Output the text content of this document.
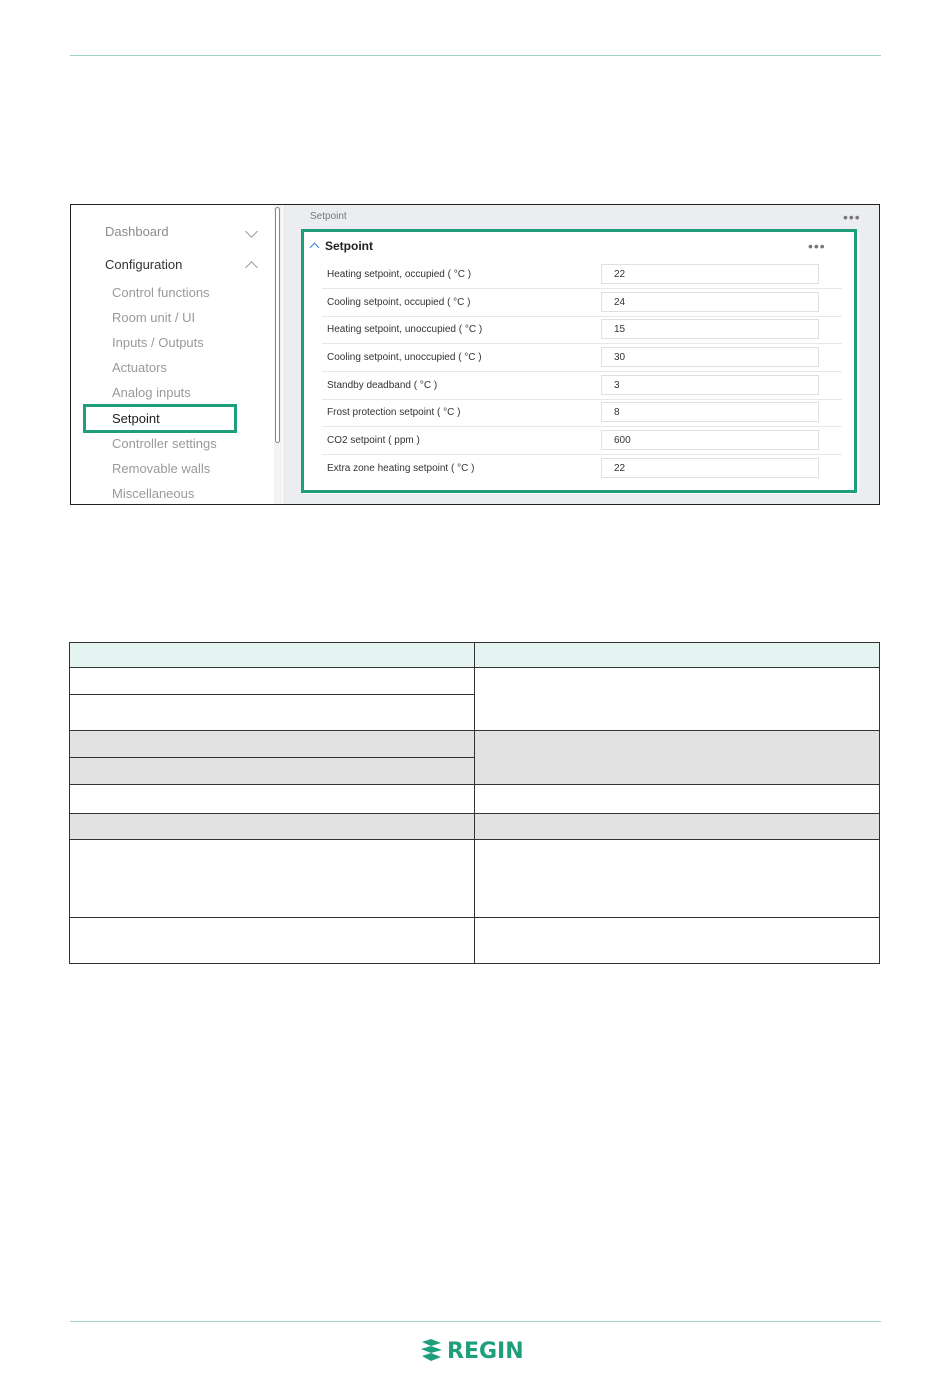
Dashboard
Configuration
Control functions
Room unit / UI
Inputs / Outputs
Actuators
Analog inputs
Setpoint
Controller settings
Removable walls
Miscellaneous
Setpoint	•••
Setpoint	•••
Heating setpoint, occupied ( °C )	22
Cooling setpoint, occupied ( °C )	24
Heating setpoint, unoccupied ( °C )	15
Cooling setpoint, unoccupied ( °C )	30
Standby deadband ( °C )	3
Frost protection setpoint ( °C )	8
CO2 setpoint ( ppm )	600
Extra zone heating setpoint ( °C )	22

REGIN
